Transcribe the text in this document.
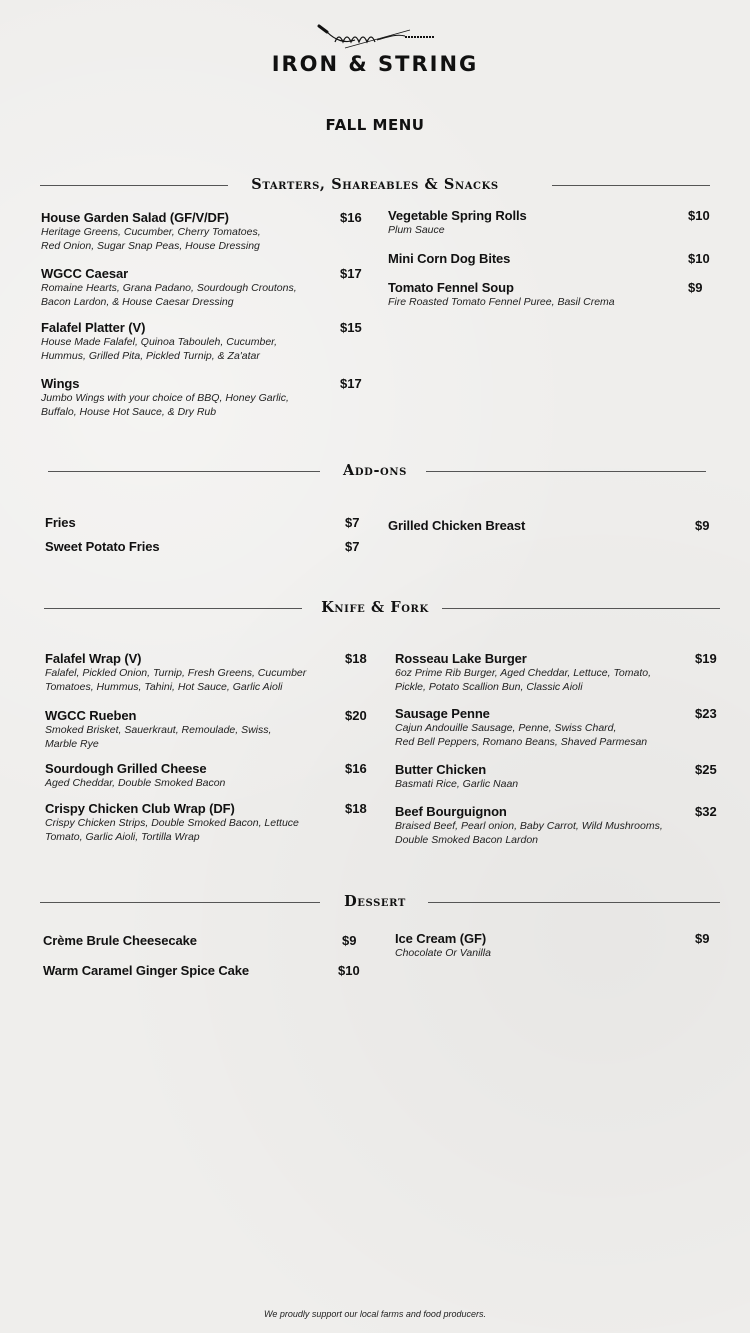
IRON & STRING
FALL MENU
Starters, Shareables & Snacks
House Garden Salad (GF/V/DF)
Heritage Greens, Cucumber, Cherry Tomatoes,
Red Onion, Sugar Snap Peas, House Dressing
$16
WGCC Caesar
Romaine Hearts, Grana Padano, Sourdough Croutons,
Bacon Lardon, & House Caesar Dressing
$17
Falafel Platter (V)
House Made Falafel, Quinoa Tabouleh, Cucumber,
Hummus, Grilled Pita, Pickled Turnip, & Za'atar
$15
Wings
Jumbo Wings with your choice of BBQ, Honey Garlic,
Buffalo, House Hot Sauce, & Dry Rub
$17
Vegetable Spring Rolls
Plum Sauce
$10
Mini Corn Dog Bites	$10
Tomato Fennel Soup
Fire Roasted Tomato Fennel Puree, Basil Crema
$9
Add-ons
Fries	$7
Sweet Potato Fries	$7
Grilled Chicken Breast	$9
Knife & Fork
Falafel Wrap (V)
Falafel, Pickled Onion, Turnip, Fresh Greens, Cucumber
Tomatoes, Hummus, Tahini, Hot Sauce, Garlic Aioli
$18
WGCC Rueben
Smoked Brisket, Sauerkraut, Remoulade, Swiss,
Marble Rye
$20
Sourdough Grilled Cheese
Aged Cheddar, Double Smoked Bacon
$16
Crispy Chicken Club Wrap (DF)
Crispy Chicken Strips, Double Smoked Bacon, Lettuce
Tomato, Garlic Aioli, Tortilla Wrap
$18
Rosseau Lake Burger
6oz Prime Rib Burger, Aged Cheddar, Lettuce, Tomato,
Pickle, Potato Scallion Bun, Classic Aioli
$19
Sausage Penne
Cajun Andouille Sausage, Penne, Swiss Chard,
Red Bell Peppers, Romano Beans, Shaved Parmesan
$23
Butter Chicken
Basmati Rice, Garlic Naan
$25
Beef Bourguignon
Braised Beef, Pearl onion, Baby Carrot, Wild Mushrooms,
Double Smoked Bacon Lardon
$32
Dessert
Crème Brule Cheesecake	$9
Warm Caramel Ginger Spice Cake	$10
Ice Cream (GF)
Chocolate Or Vanilla
$9
We proudly support our local farms and food producers.
